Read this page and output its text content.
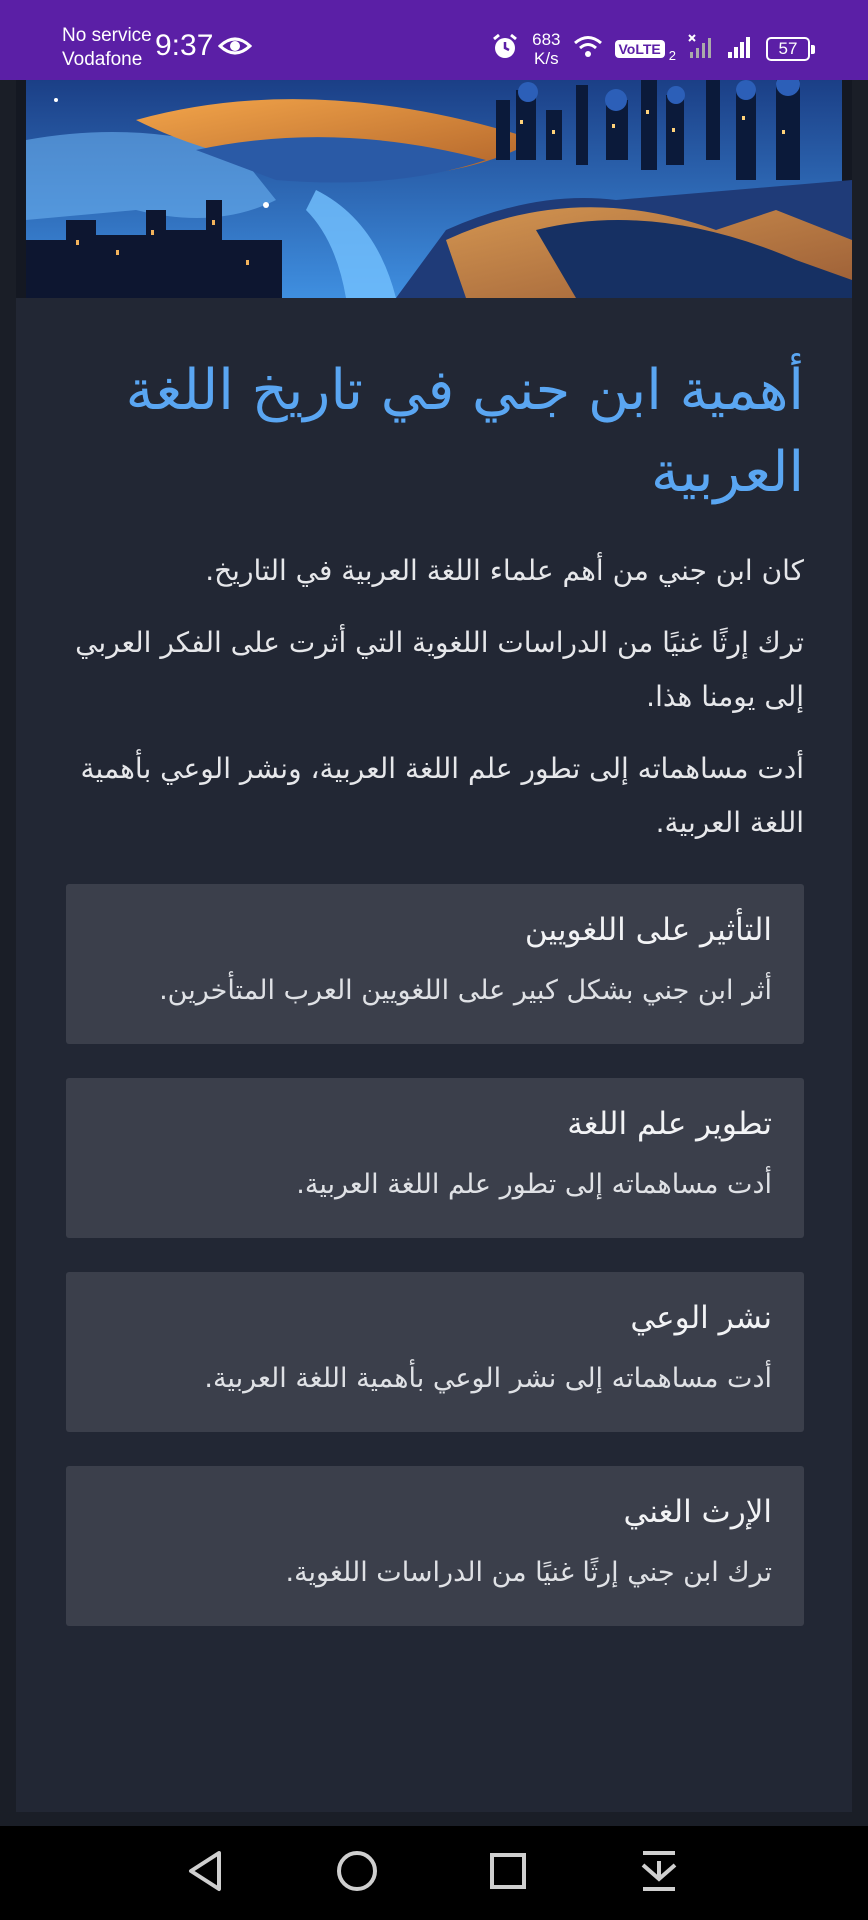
No service
Vodafone 9:37	683
K/s	VoLTE 2	57
أهمية ابن جني في تاريخ اللغة العربية

كان ابن جني من أهم علماء اللغة العربية في التاريخ.

ترك إرثًا غنيًا من الدراسات اللغوية التي أثرت على الفكر العربي إلى يومنا هذا.

أدت مساهماته إلى تطور علم اللغة العربية، ونشر الوعي بأهمية اللغة العربية.

التأثير على اللغويين
أثر ابن جني بشكل كبير على اللغويين العرب المتأخرين.
تطوير علم اللغة
أدت مساهماته إلى تطور علم اللغة العربية.
نشر الوعي
أدت مساهماته إلى نشر الوعي بأهمية اللغة العربية.
الإرث الغني
ترك ابن جني إرثًا غنيًا من الدراسات اللغوية.
